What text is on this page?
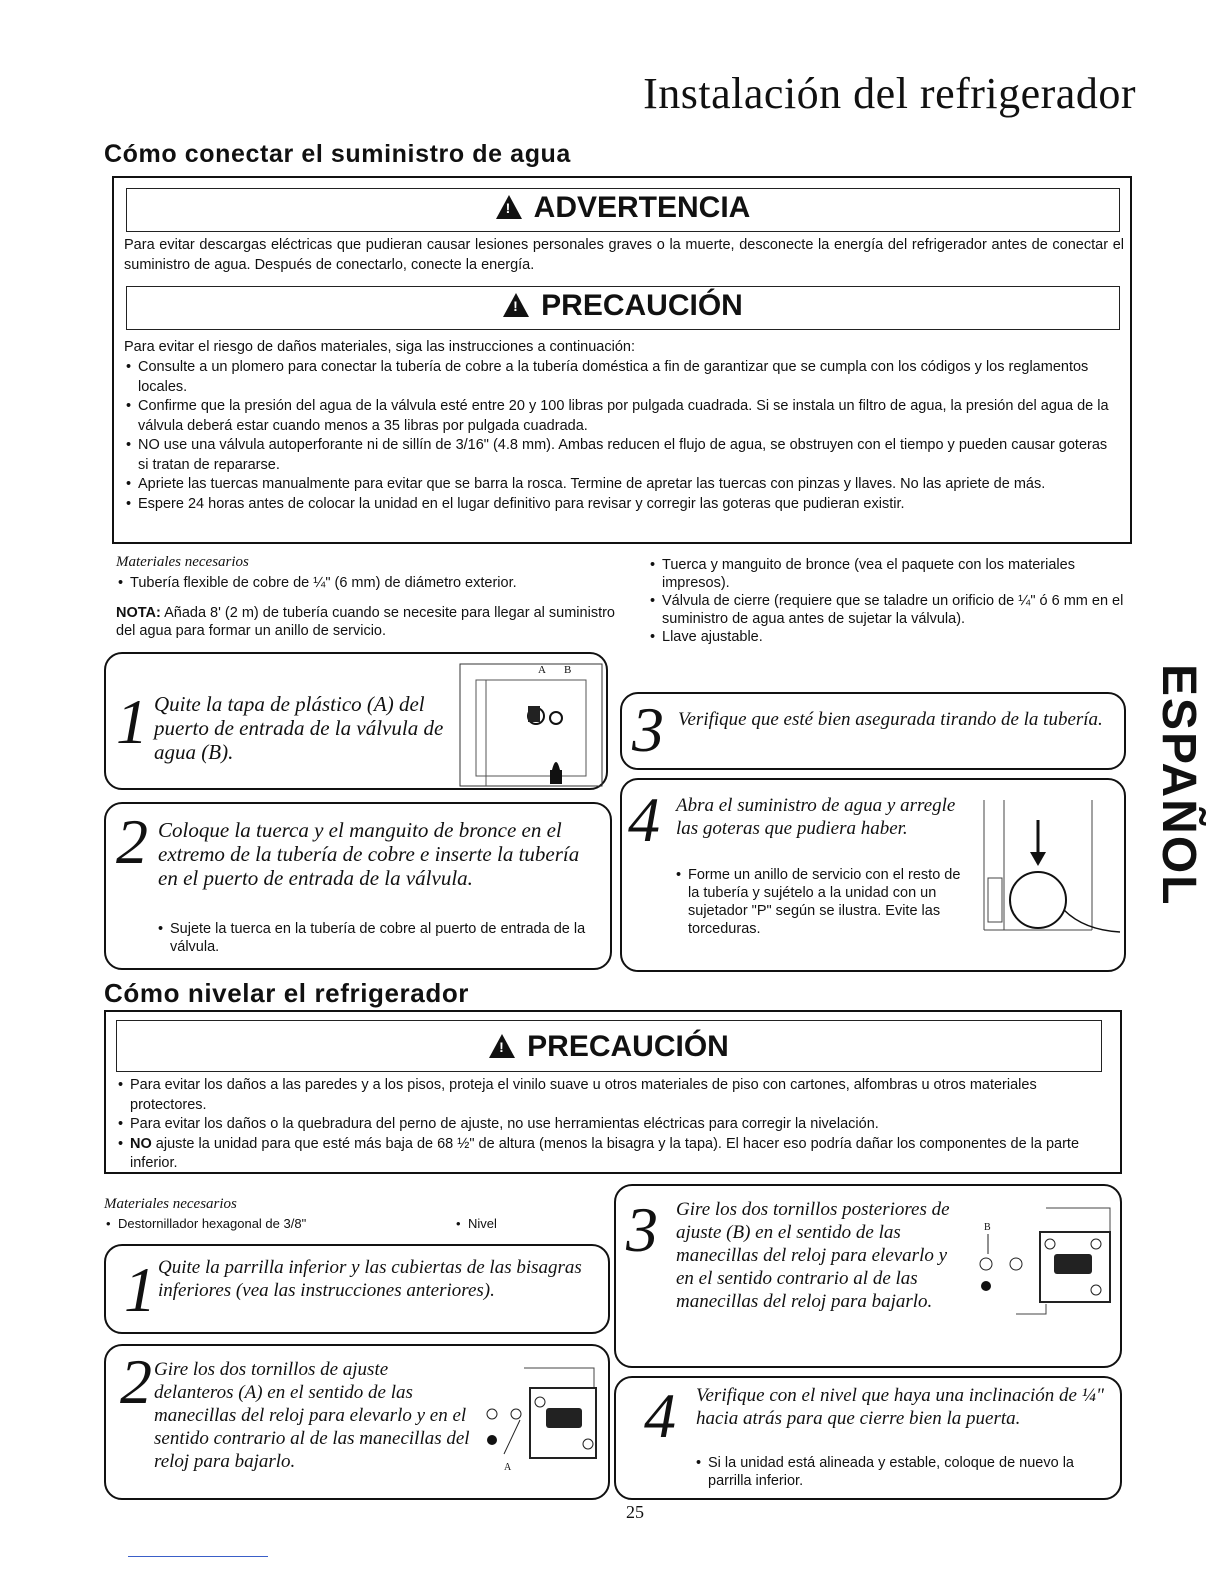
Instalación del refrigerador
Cómo conectar el suministro de agua
!ADVERTENCIA
Para evitar descargas eléctricas que pudieran causar lesiones personales graves o la muerte, desconecte la energía del refrigerador antes de conectar el suministro de agua. Después de conectarlo, conecte la energía.
!PRECAUCIÓN
Para evitar el riesgo de daños materiales, siga las instrucciones a continuación:
• Consulte a un plomero para conectar la tubería de cobre a la tubería doméstica a fin de garantizar que se cumpla con los códigos y los reglamentos locales.
• Confirme que la presión del agua de la válvula esté entre 20 y 100 libras por pulgada cuadrada. Si se instala un filtro de agua, la presión del agua de la válvula deberá estar cuando menos a 35 libras por pulgada cuadrada.
• NO use una válvula autoperforante ni de sillín de 3/16" (4.8 mm). Ambas reducen el flujo de agua, se obstruyen con el tiempo y pueden causar goteras si tratan de repararse.
• Apriete las tuercas manualmente para evitar que se barra la rosca. Termine de apretar las tuercas con pinzas y llaves. No las apriete de más.
• Espere 24 horas antes de colocar la unidad en el lugar definitivo para revisar y corregir las goteras que pudieran existir.
Materiales necesarios
• Tubería flexible de cobre de ¼" (6 mm) de diámetro exterior.
NOTA: Añada 8' (2 m) de tubería cuando se necesite para llegar al suministro del agua para formar un anillo de servicio.
• Tuerca y manguito de bronce (vea el paquete con los materiales impresos).
• Válvula de cierre (requiere que se taladre un orificio de ¼" ó 6 mm en el suministro de agua antes de sujetar la válvula).
• Llave ajustable.
1 Quite la tapa de plástico (A) del puerto de entrada de la válvula de agua (B).
A B
2 Coloque la tuerca y el manguito de bronce en el extremo de la tubería de cobre e inserte la tubería en el puerto de entrada de la válvula.
• Sujete la tuerca en la tubería de cobre al puerto de entrada de la válvula.
3 Verifique que esté bien asegurada tirando de la tubería.
4 Abra el suministro de agua y arregle las goteras que pudiera haber.
• Forme un anillo de servicio con el resto de la tubería y sujételo a la unidad con un sujetador "P" según se ilustra. Evite las torceduras.
Cómo nivelar el refrigerador
!PRECAUCIÓN
• Para evitar los daños a las paredes y a los pisos, proteja el vinilo suave u otros materiales de piso con cartones, alfombras u otros materiales protectores.
• Para evitar los daños o la quebradura del perno de ajuste, no use herramientas eléctricas para corregir la nivelación.
• NO ajuste la unidad para que esté más baja de 68 ½" de altura (menos la bisagra y la tapa). El hacer eso podría dañar los componentes de la parte inferior.
Materiales necesarios
• Destornillador hexagonal de 3/8"
•	Nivel
1 Quite la parrilla inferior y las cubiertas de las bisagras inferiores (vea las instrucciones anteriores).
2 Gire los dos tornillos de ajuste delanteros (A) en el sentido de las manecillas del reloj para elevarlo y en el sentido contrario al de las manecillas del reloj para bajarlo.	A
3 Gire los dos tornillos posteriores de ajuste (B) en el sentido de las manecillas del reloj para elevarlo y en el sentido contrario al de las manecillas del reloj para bajarlo.
B
4 Verifique con el nivel que haya una inclinación de ¼" hacia atrás para que cierre bien la puerta.
• Si la unidad está alineada y estable, coloque de nuevo la parrilla inferior.
ESPAÑOL
25
